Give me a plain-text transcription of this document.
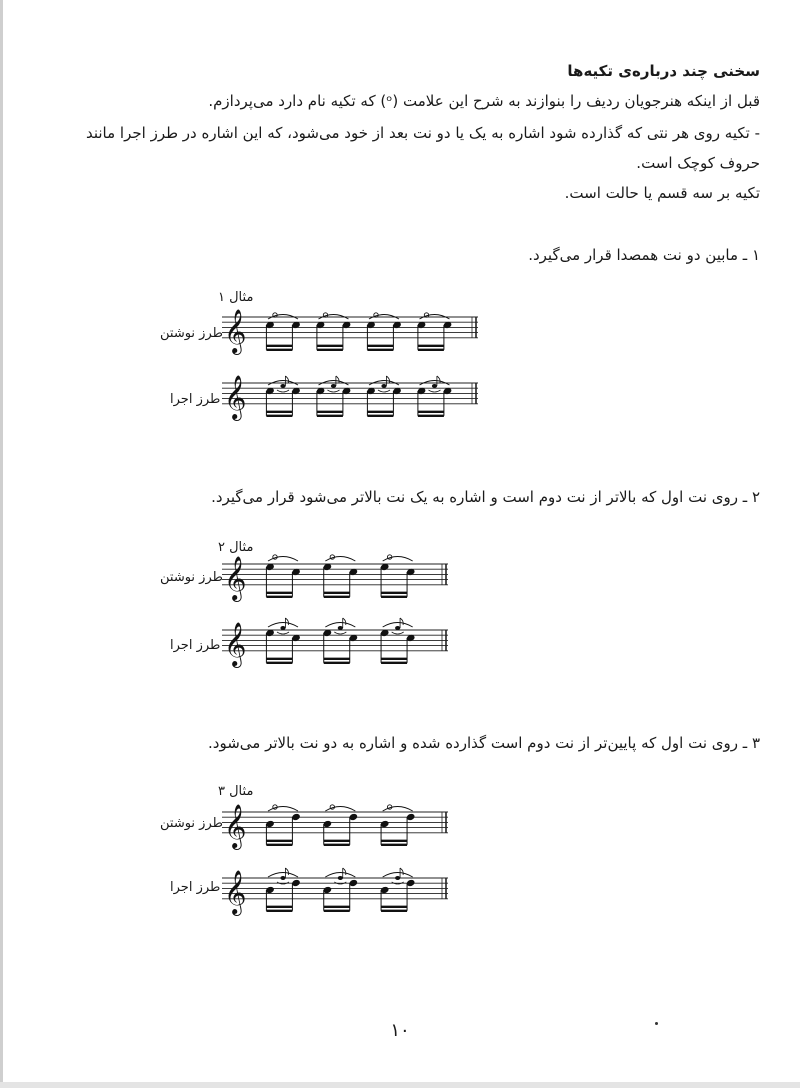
سخنی چند درباره‌ی تکیه‌ها
قبل از اینکه هنرجویان ردیف را بنوازند به شرح این علامت (ᵒ) که تکیه نام دارد می‌پردازم.
- تکیه روی هر نتی که گذارده شود اشاره به یک یا دو نت بعد از خود می‌شود، که این اشاره در طرز اجرا مانند
حروف کوچک است.
تکیه بر سه قسم یا حالت است.
۱ ـ مابین دو نت همصدا قرار می‌گیرد.
مثال ۱
طرز نوشتن
طرز اجرا
𝄞
𝄞
۲ ـ روی نت اول که بالاتر از نت دوم است و اشاره به یک نت بالاتر می‌شود قرار می‌گیرد.
مثال ۲
طرز نوشتن
طرز اجرا
𝄞
𝄞
۳ ـ روی نت اول که پایین‌تر از نت دوم است گذارده شده و اشاره به دو نت بالاتر می‌شود.
مثال ۳
طرز نوشتن
طرز اجرا
𝄞
𝄞
۱۰
